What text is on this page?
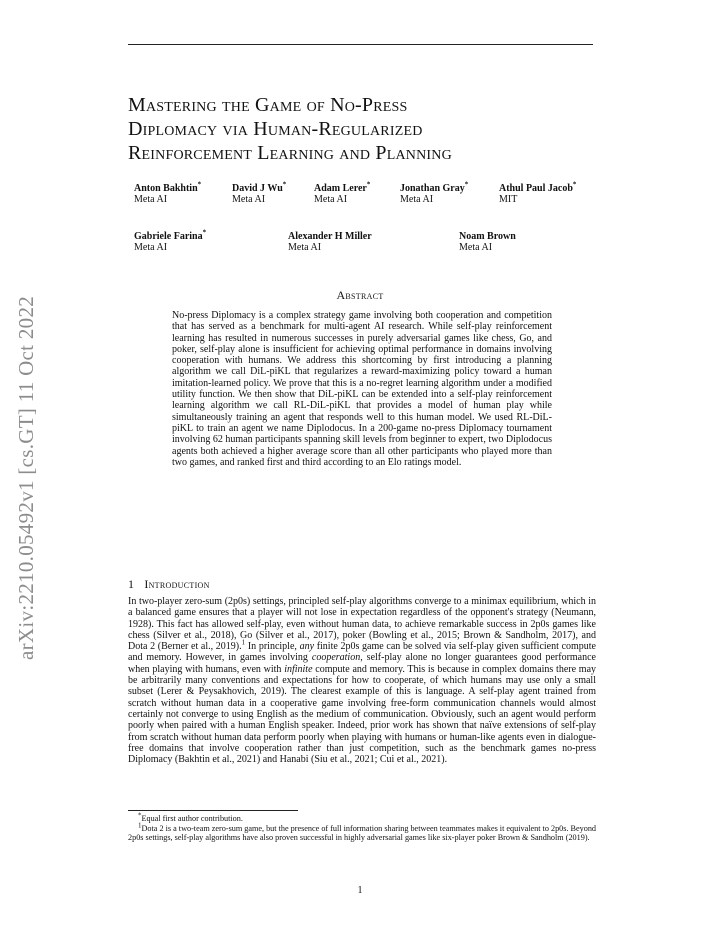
arXiv:2210.05492v1 [cs.GT] 11 Oct 2022
Mastering the Game of No-Press
Diplomacy via Human-Regularized
Reinforcement Learning and Planning
Anton Bakhtin*
Meta AI
David J Wu*
Meta AI
Adam Lerer*
Meta AI
Jonathan Gray*
Meta AI
Athul Paul Jacob*
MIT
Gabriele Farina*
Meta AI
Alexander H Miller
Meta AI
Noam Brown
Meta AI
Abstract
No-press Diplomacy is a complex strategy game involving both cooperation and competition that has served as a benchmark for multi-agent AI research. While self-play reinforcement learning has resulted in numerous successes in purely adversarial games like chess, Go, and poker, self-play alone is insufficient for achieving optimal performance in domains involving cooperation with humans. We address this shortcoming by first introducing a planning algorithm we call DiL-piKL that regularizes a reward-maximizing policy toward a human imitation-learned policy. We prove that this is a no-regret learning algorithm under a modified utility function. We then show that DiL-piKL can be extended into a self-play reinforcement learning algorithm we call RL-DiL-piKL that provides a model of human play while simultaneously training an agent that responds well to this human model. We used RL-DiL-piKL to train an agent we name Diplodocus. In a 200-game no-press Diplomacy tournament involving 62 human participants spanning skill levels from beginner to expert, two Diplodocus agents both achieved a higher average score than all other participants who played more than two games, and ranked first and third according to an Elo ratings model.
1 Introduction
In two-player zero-sum (2p0s) settings, principled self-play algorithms converge to a minimax equilibrium, which in a balanced game ensures that a player will not lose in expectation regardless of the opponent's strategy (Neumann, 1928). This fact has allowed self-play, even without human data, to achieve remarkable success in 2p0s games like chess (Silver et al., 2018), Go (Silver et al., 2017), poker (Bowling et al., 2015; Brown & Sandholm, 2017), and Dota 2 (Berner et al., 2019).$^1$ In principle, any finite 2p0s game can be solved via self-play given sufficient compute and memory. However, in games involving cooperation, self-play alone no longer guarantees good performance when playing with humans, even with infinite compute and memory. This is because in complex domains there may be arbitrarily many conventions and expectations for how to cooperate, of which humans may use only a small subset (Lerer & Peysakhovich, 2019). The clearest example of this is language. A self-play agent trained from scratch without human data in a cooperative game involving free-form communication channels would almost certainly not converge to using English as the medium of communication. Obviously, such an agent would perform poorly when paired with a human English speaker. Indeed, prior work has shown that naïve extensions of self-play from scratch without human data perform poorly when playing with humans or human-like agents even in dialogue-free domains that involve cooperation rather than just competition, such as the benchmark games no-press Diplomacy (Bakhtin et al., 2021) and Hanabi (Siu et al., 2021; Cui et al., 2021).

*Equal first author contribution.

$^1$Dota 2 is a two-team zero-sum game, but the presence of full information sharing between teammates makes it equivalent to 2p0s. Beyond 2p0s settings, self-play algorithms have also proven successful in highly adversarial games like six-player poker Brown & Sandholm (2019).

1
